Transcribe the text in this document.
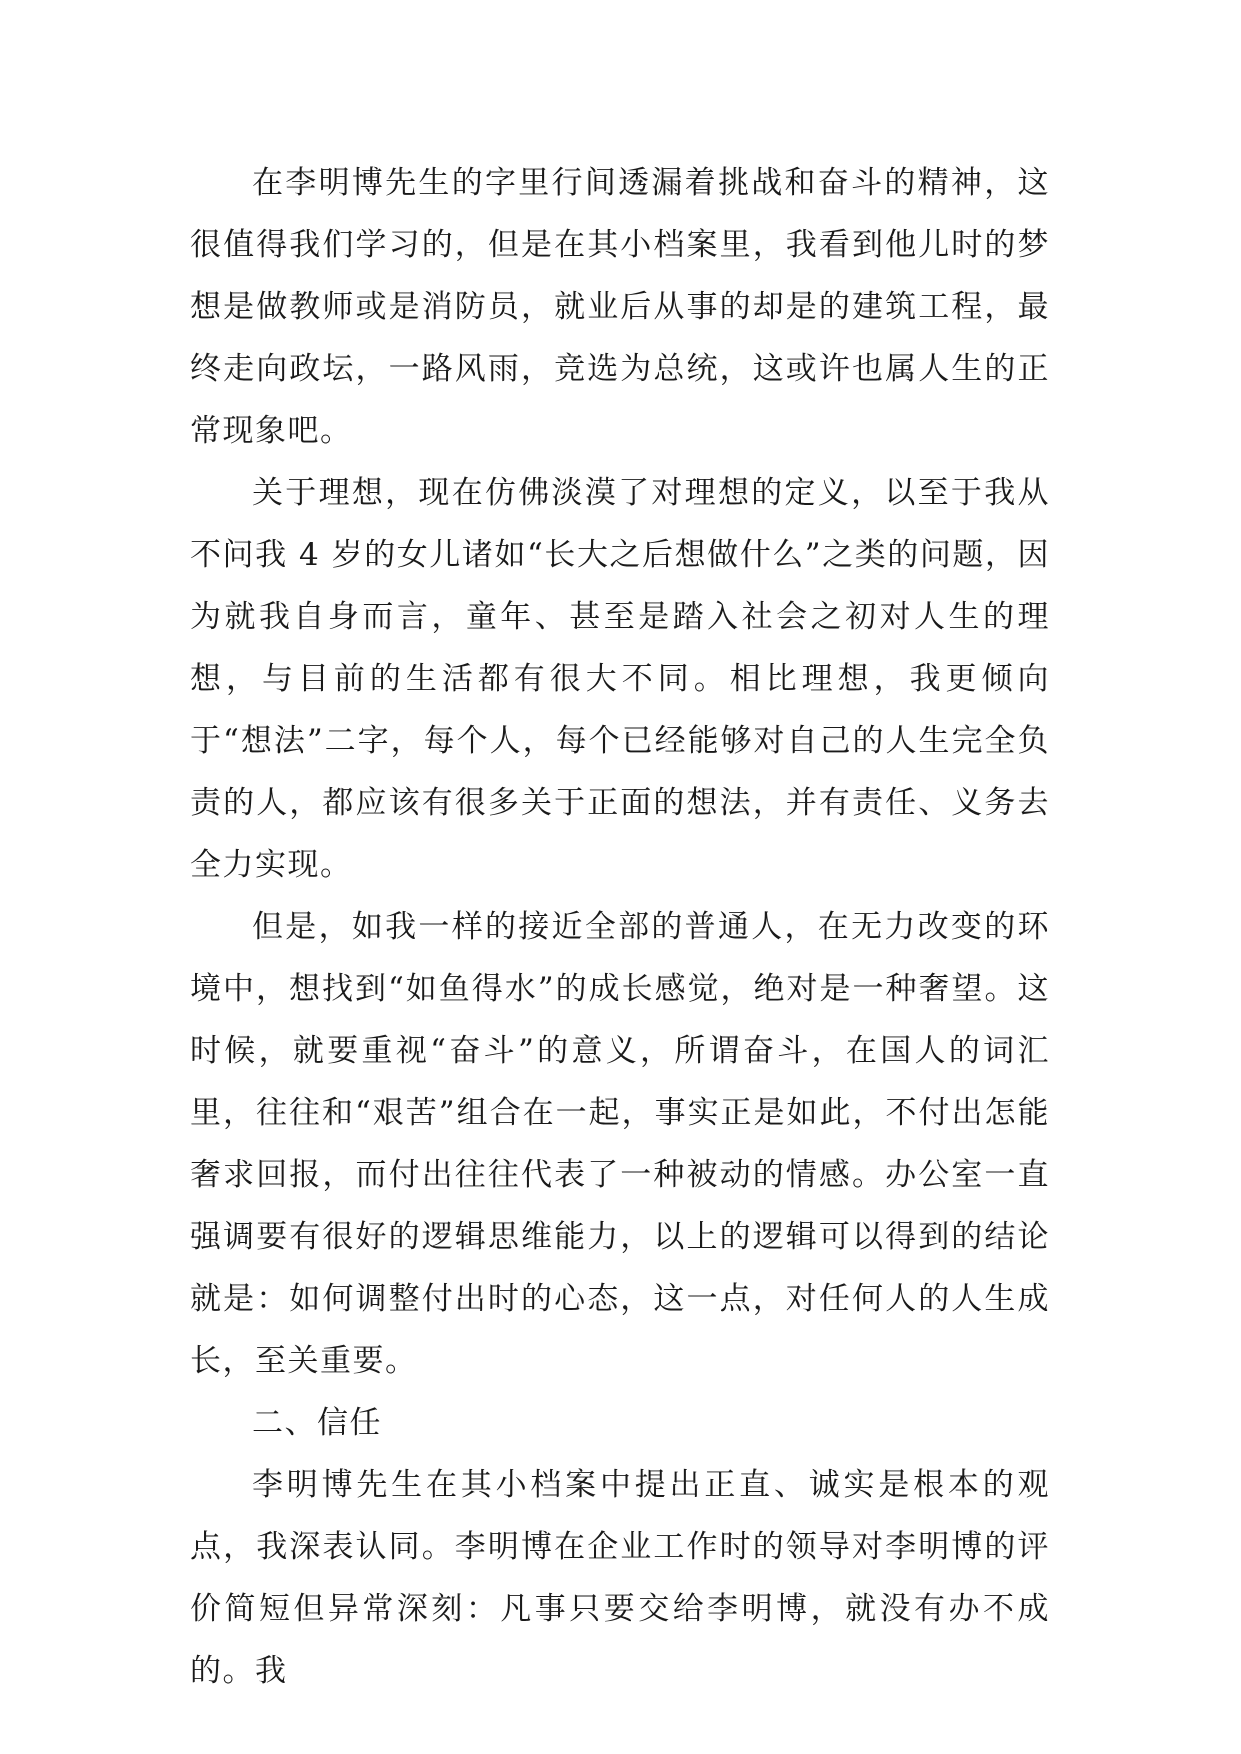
在李明博先生的字里行间透漏着挑战和奋斗的精神，这很值得我们学习的，但是在其小档案里，我看到他儿时的梦想是做教师或是消防员，就业后从事的却是的建筑工程，最终走向政坛，一路风雨，竞选为总统，这或许也属人生的正常现象吧。

关于理想，现在仿佛淡漠了对理想的定义，以至于我从不问我 4 岁的女儿诸如“长大之后想做什么”之类的问题，因为就我自身而言，童年、甚至是踏入社会之初对人生的理想，与目前的生活都有很大不同。相比理想，我更倾向于“想法”二字，每个人，每个已经能够对自己的人生完全负责的人，都应该有很多关于正面的想法，并有责任、义务去全力实现。

但是，如我一样的接近全部的普通人，在无力改变的环境中，想找到“如鱼得水”的成长感觉，绝对是一种奢望。这时候，就要重视“奋斗”的意义，所谓奋斗，在国人的词汇里，往往和“艰苦”组合在一起，事实正是如此，不付出怎能奢求回报，而付出往往代表了一种被动的情感。办公室一直强调要有很好的逻辑思维能力，以上的逻辑可以得到的结论就是：如何调整付出时的心态，这一点，对任何人的人生成长，至关重要。

二、信任

李明博先生在其小档案中提出正直、诚实是根本的观点，我深表认同。李明博在企业工作时的领导对李明博的评价简短但异常深刻：凡事只要交给李明博，就没有办不成的。我
